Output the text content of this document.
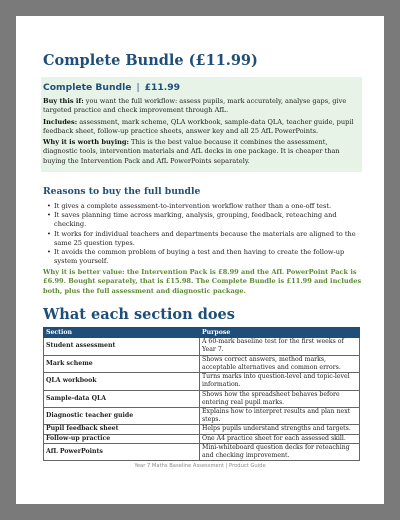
Complete Bundle (£11.99)
Complete Bundle | £11.99

Buy this if: you want the full workflow: assess pupils, mark accurately, analyse gaps, give targeted practice and check improvement through AfL.

Includes: assessment, mark scheme, QLA workbook, sample-data QLA, teacher guide, pupil feedback sheet, follow-up practice sheets, answer key and all 25 AfL PowerPoints.

Why it is worth buying: This is the best value because it combines the assessment, diagnostic tools, intervention materials and AfL decks in one package. It is cheaper than buying the Intervention Pack and AfL PowerPoints separately.

Reasons to buy the full bundle
• It gives a complete assessment-to-intervention workflow rather than a one-off test.
• It saves planning time across marking, analysis, grouping, feedback, reteaching and checking.
• It works for individual teachers and departments because the materials are aligned to the same 25 question types.
• It avoids the common problem of buying a test and then having to create the follow-up system yourself.

Why it is better value: the Intervention Pack is £8.99 and the AfL PowerPoint Pack is £6.99. Bought separately, that is £15.98. The Complete Bundle is £11.99 and includes both, plus the full assessment and diagnostic package.

What each section does
Section	Purpose
Student assessment	A 60-mark baseline test for the first weeks of Year 7.
Mark scheme	Shows correct answers, method marks, acceptable alternatives and common errors.
QLA workbook	Turns marks into question-level and topic-level information.
Sample-data QLA	Shows how the spreadsheet behaves before entering real pupil marks.
Diagnostic teacher guide	Explains how to interpret results and plan next steps.
Pupil feedback sheet	Helps pupils understand strengths and targets.
Follow-up practice	One A4 practice sheet for each assessed skill.
AfL PowerPoints	Mini-whiteboard question decks for reteaching and checking improvement.
Year 7 Maths Baseline Assessment | Product Guide
